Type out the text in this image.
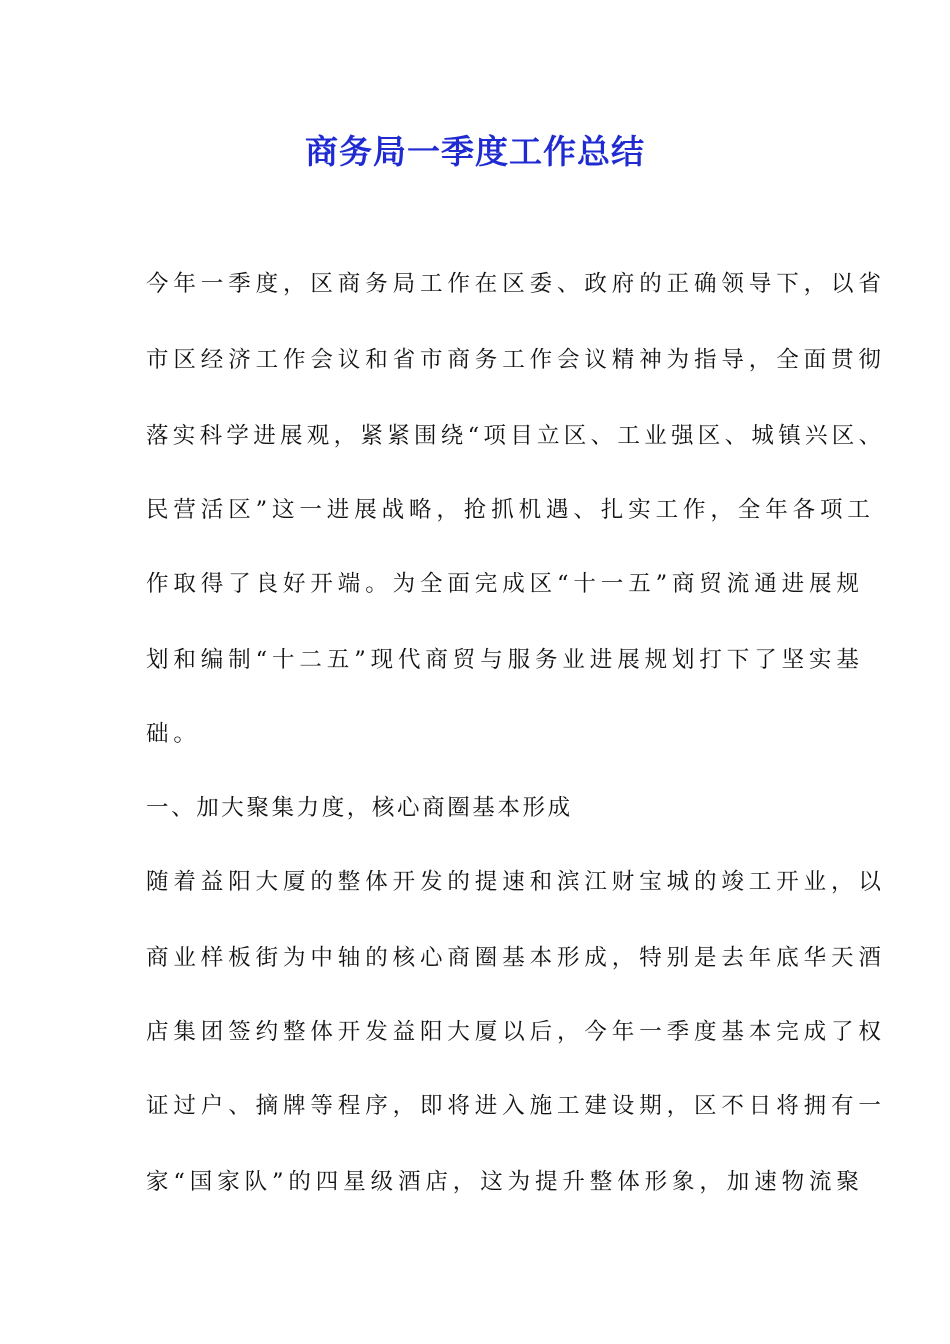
商务局一季度工作总结

今年一季度，区商务局工作在区委、政府的正确领导下，以省

市区经济工作会议和省市商务工作会议精神为指导，全面贯彻

落实科学进展观，紧紧围绕“项目立区、工业强区、城镇兴区、

民营活区”这一进展战略，抢抓机遇、扎实工作，全年各项工

作取得了良好开端。为全面完成区“十一五”商贸流通进展规

划和编制“十二五”现代商贸与服务业进展规划打下了坚实基

础。

一、加大聚集力度，核心商圈基本形成

随着益阳大厦的整体开发的提速和滨江财宝城的竣工开业，以

商业样板街为中轴的核心商圈基本形成，特别是去年底华天酒

店集团签约整体开发益阳大厦以后，今年一季度基本完成了权

证过户、摘牌等程序，即将进入施工建设期，区不日将拥有一

家“国家队”的四星级酒店，这为提升整体形象，加速物流聚
